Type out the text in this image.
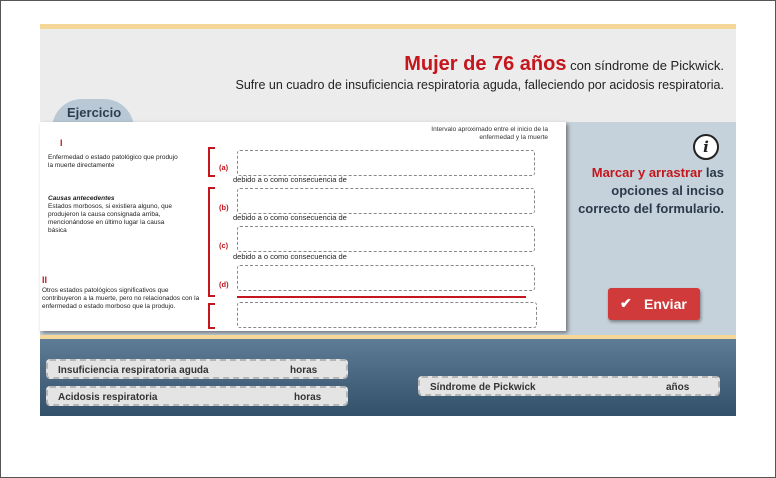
Mujer de 76 años con síndrome de Pickwick.
Sufre un cuadro de insuficiencia respiratoria aguda, falleciendo por acidosis respiratoria.
Ejercicio
Intervalo aproximado entre el inicio de la enfermedad y la muerte
I
Enfermedad o estado patológico que produjo la muerte directamente
Causas antecedentes
Estados morbosos, si existiera alguno, que produjeron la causa consignada arriba, mencionándose en último lugar la causa básica
II
Otros estados patológicos significativos que contribuyeron a la muerte, pero no relacionados con la enfermedad o estado morboso que la produjo.
(a)
(b)
(c)
(d)
debido a o como consecuencia de
debido a o como consecuencia de
debido a o como consecuencia de
i
Marcar y arrastrar las opciones al inciso correcto del formulario.
✔ Enviar
Insuficiencia respiratoria aguda	horas
Acidosis respiratoria	horas
Síndrome de Pickwick	años
